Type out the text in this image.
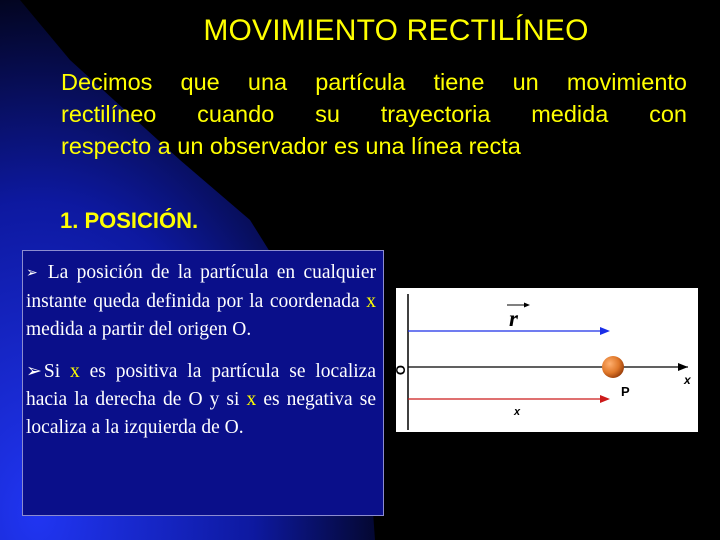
MOVIMIENTO RECTILÍNEO
Decimos que una partícula tiene un movimiento
rectilíneo cuando su trayectoria medida con
respecto a un observador es una línea recta
1. POSICIÓN.
➢ La posición de la partícula en cualquier instante queda definida por la coordenada x medida a partir del origen O.
➢ Si x es positiva la partícula se localiza hacia la derecha de O y si x es negativa se localiza a la izquierda de O.
r
O
x
P
x
